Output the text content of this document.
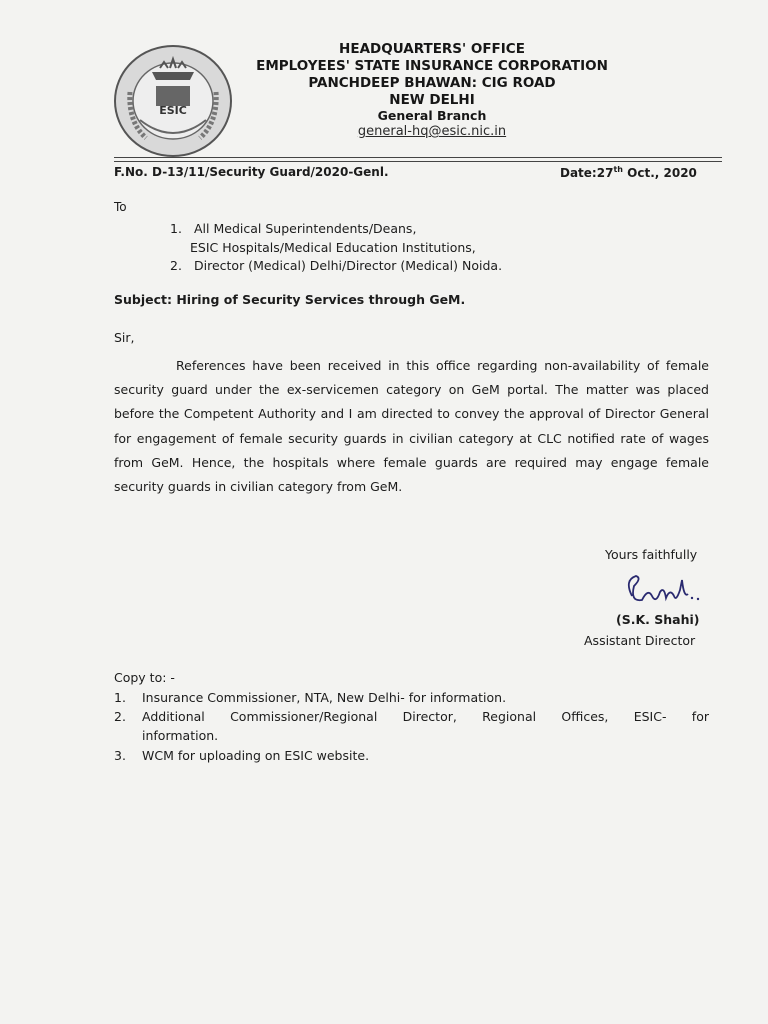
ESIC
HEADQUARTERS' OFFICE
EMPLOYEES' STATE INSURANCE CORPORATION
PANCHDEEP BHAWAN: CIG ROAD
NEW DELHI
General Branch
general-hq@esic.nic.in
F.No. D-13/11/Security Guard/2020-Genl.	Date:27th Oct., 2020
To
1. All Medical Superintendents/Deans,
ESIC Hospitals/Medical Education Institutions,
2. Director (Medical) Delhi/Director (Medical) Noida.
Subject: Hiring of Security Services through GeM.
Sir,
References have been received in this office regarding non-availability of female security guard under the ex-servicemen category on GeM portal. The matter was placed before the Competent Authority and I am directed to convey the approval of Director General for engagement of female security guards in civilian category at CLC notified rate of wages from GeM. Hence, the hospitals where female guards are required may engage female security guards in civilian category from GeM.
Yours faithfully
(S.K. Shahi)
Assistant Director
Copy to: -
1. Insurance Commissioner, NTA, New Delhi- for information.
2. Additional Commissioner/Regional Director, Regional Offices, ESIC- for
information.
3. WCM for uploading on ESIC website.
